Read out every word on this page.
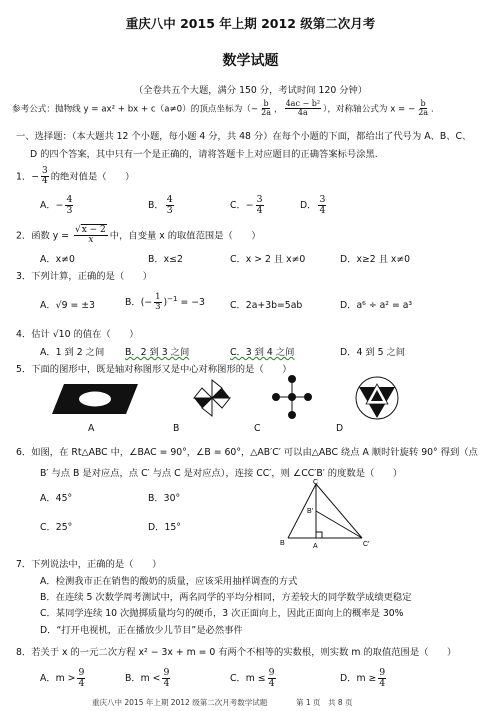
重庆八中 2015 年上期 2012 级第二次月考
数学试题
（全卷共五个大题，满分 150 分，考试时间 120 分钟）
参考公式：抛物线 y = ax² + bx + c（a≠0）的顶点坐标为（− $\frac{b}{2a}$ ， $\frac{\text{4ac − b²}}{4a}$ ），对称轴公式为 x = − $\frac{b}{2a}$ ．
一、选择题：（本大题共 12 个小题，每小题 4 分，共 48 分）在每个小题的下面，都给出了代号为 A、B、C、
D 的四个答案，其中只有一个是正确的，请将答题卡上对应题目的正确答案标号涂黑.
1．− $\frac{3}{4}$ 的绝对值是（　　）
A．− $\frac{4}{3}$	B． $\frac{4}{3}$	C．− $\frac{3}{4}$	D． $\frac{3}{4}$
2．函数 $y = \frac{√x - 2}{x}$ 中，自变量 x 的取值范围是（　　）
A．x≠0	B．x≤2	C．x > 2 且 x≠0	D．x≥2 且 x≠0
3．下列计算，正确的是（　　）
A．√9 = ±3	B．(− $\frac{1}{3} )^{-1} = -3$	C．2a+3b=5ab	D．a⁶ ÷ a² = a³
4．估计 √10 的值在（　　）
A．1 到 2 之间 B．2 到 3 之间	C．3 到 4 之间	D．4 到 5 之间
5．下面的图形中，既是轴对称图形又是中心对称图形的是（　　）
A	B	C	D
6．如图，在 Rt△ABC 中，∠BAC = 90°，∠B = 60°，△AB′C′ 可以由△ABC 绕点 A 顺时针旋转 90° 得到（点
B′ 与点 B 是对应点，点 C′ 与点 C 是对应点），连接 CC′，则 ∠CC′B′ 的度数是（　　）
A．45°	B．30°
C．25°	D．15°
C
B′
B	A	C′
7．下列说法中，正确的是（　　）
A．检测我市正在销售的酸奶的质量，应该采用抽样调查的方式
B．在连续 5 次数学周考测试中，两名同学的平均分相同，方差较大的同学数学成绩更稳定
C．某同学连续 10 次抛掷质量均匀的硬币，3 次正面向上，因此正面向上的概率是 30%
D．“打开电视机，正在播放少儿节目”是必然事件
8．若关于 x 的一元二次方程 x² − 3x + m = 0 有两个不相等的实数根，则实数 m 的取值范围是（　　）
A．$m > \frac{9}{4}$	B．$m < \frac{9}{4}$	C．$m \le \frac{9}{4}$	D．$m \ge \frac{9}{4}$
重庆八中 2015 年上期 2012 级第二次月考数学试题	第 1 页　共 8 页
